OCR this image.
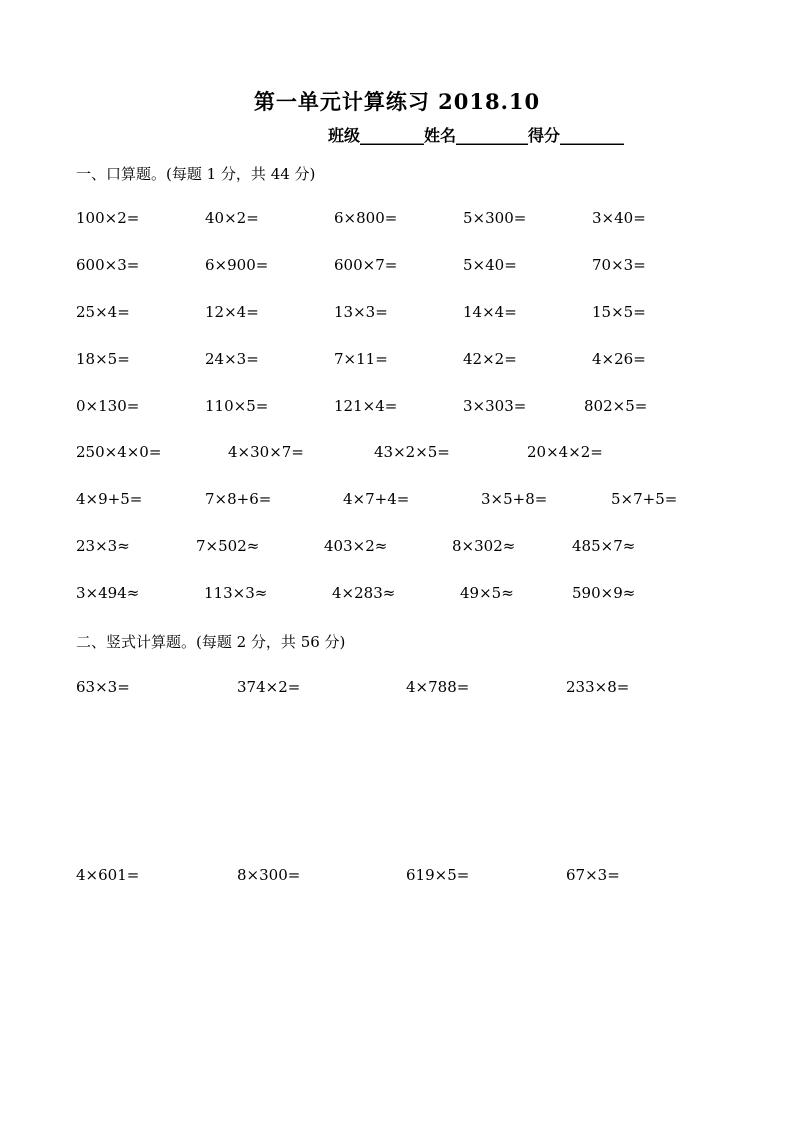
第一单元计算练习 2018.10
班级________姓名_________得分________
一、口算题。(每题 1 分，共 44 分)
100×2=	40×2=	6×800=	5×300=	3×40=
600×3=	6×900=	600×7=	5×40=	70×3=
25×4=	12×4=	13×3=	14×4=	15×5=
18×5=	24×3=	7×11=	42×2=	4×26=
0×130=	110×5=	121×4=	3×303=	802×5=
250×4×0=	4×30×7=	43×2×5=	20×4×2=
4×9+5=	7×8+6=	4×7+4=	3×5+8=	5×7+5=
23×3≈	7×502≈	403×2≈	8×302≈	485×7≈
3×494≈	113×3≈	4×283≈	49×5≈	590×9≈
二、竖式计算题。(每题 2 分，共 56 分)
63×3=	374×2=	4×788=	233×8=
4×601=	8×300=	619×5=	67×3=
